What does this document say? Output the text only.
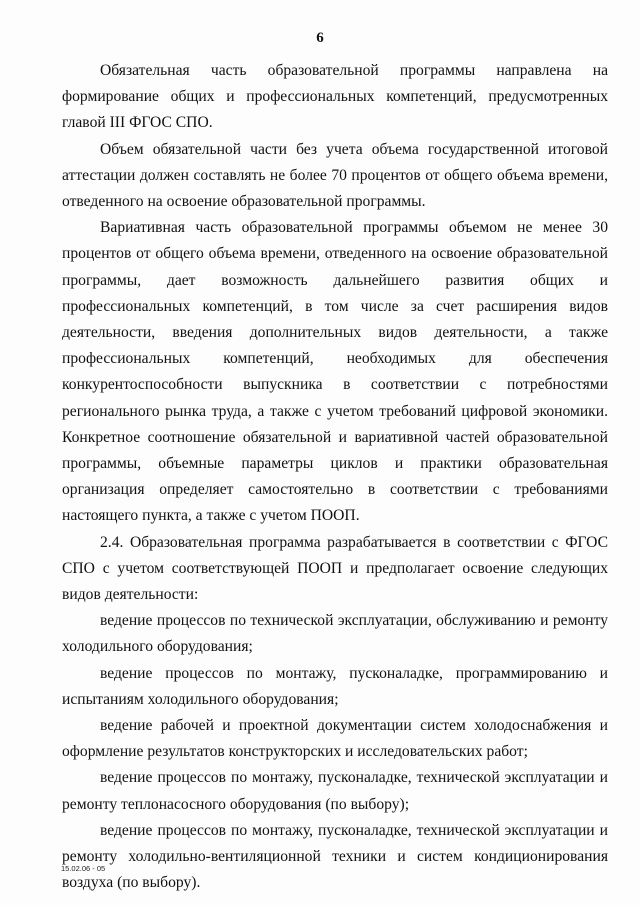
6

Обязательная часть образовательной программы направлена на формирование общих и профессиональных компетенций, предусмотренных главой III ФГОС СПО.

Объем обязательной части без учета объема государственной итоговой аттестации должен составлять не более 70 процентов от общего объема времени, отведенного на освоение образовательной программы.

Вариативная часть образовательной программы объемом не менее 30 процентов от общего объема времени, отведенного на освоение образовательной программы, дает возможность дальнейшего развития общих и профессиональных компетенций, в том числе за счет расширения видов деятельности, введения дополнительных видов деятельности, а также профессиональных компетенций, необходимых для обеспечения конкурентоспособности выпускника в соответствии с потребностями регионального рынка труда, а также с учетом требований цифровой экономики. Конкретное соотношение обязательной и вариативной частей образовательной программы, объемные параметры циклов и практики образовательная организация определяет самостоятельно в соответствии с требованиями настоящего пункта, а также с учетом ПООП.

2.4. Образовательная программа разрабатывается в соответствии с ФГОС СПО с учетом соответствующей ПООП и предполагает освоение следующих видов деятельности:

ведение процессов по технической эксплуатации, обслуживанию и ремонту холодильного оборудования;

ведение процессов по монтажу, пусконаладке, программированию и испытаниям холодильного оборудования;

ведение рабочей и проектной документации систем холодоснабжения и оформление результатов конструкторских и исследовательских работ;

ведение процессов по монтажу, пусконаладке, технической эксплуатации и ремонту теплонасосного оборудования (по выбору);

ведение процессов по монтажу, пусконаладке, технической эксплуатации и ремонту холодильно-вентиляционной техники и систем кондиционирования воздуха (по выбору).

15.02.06 - 05
